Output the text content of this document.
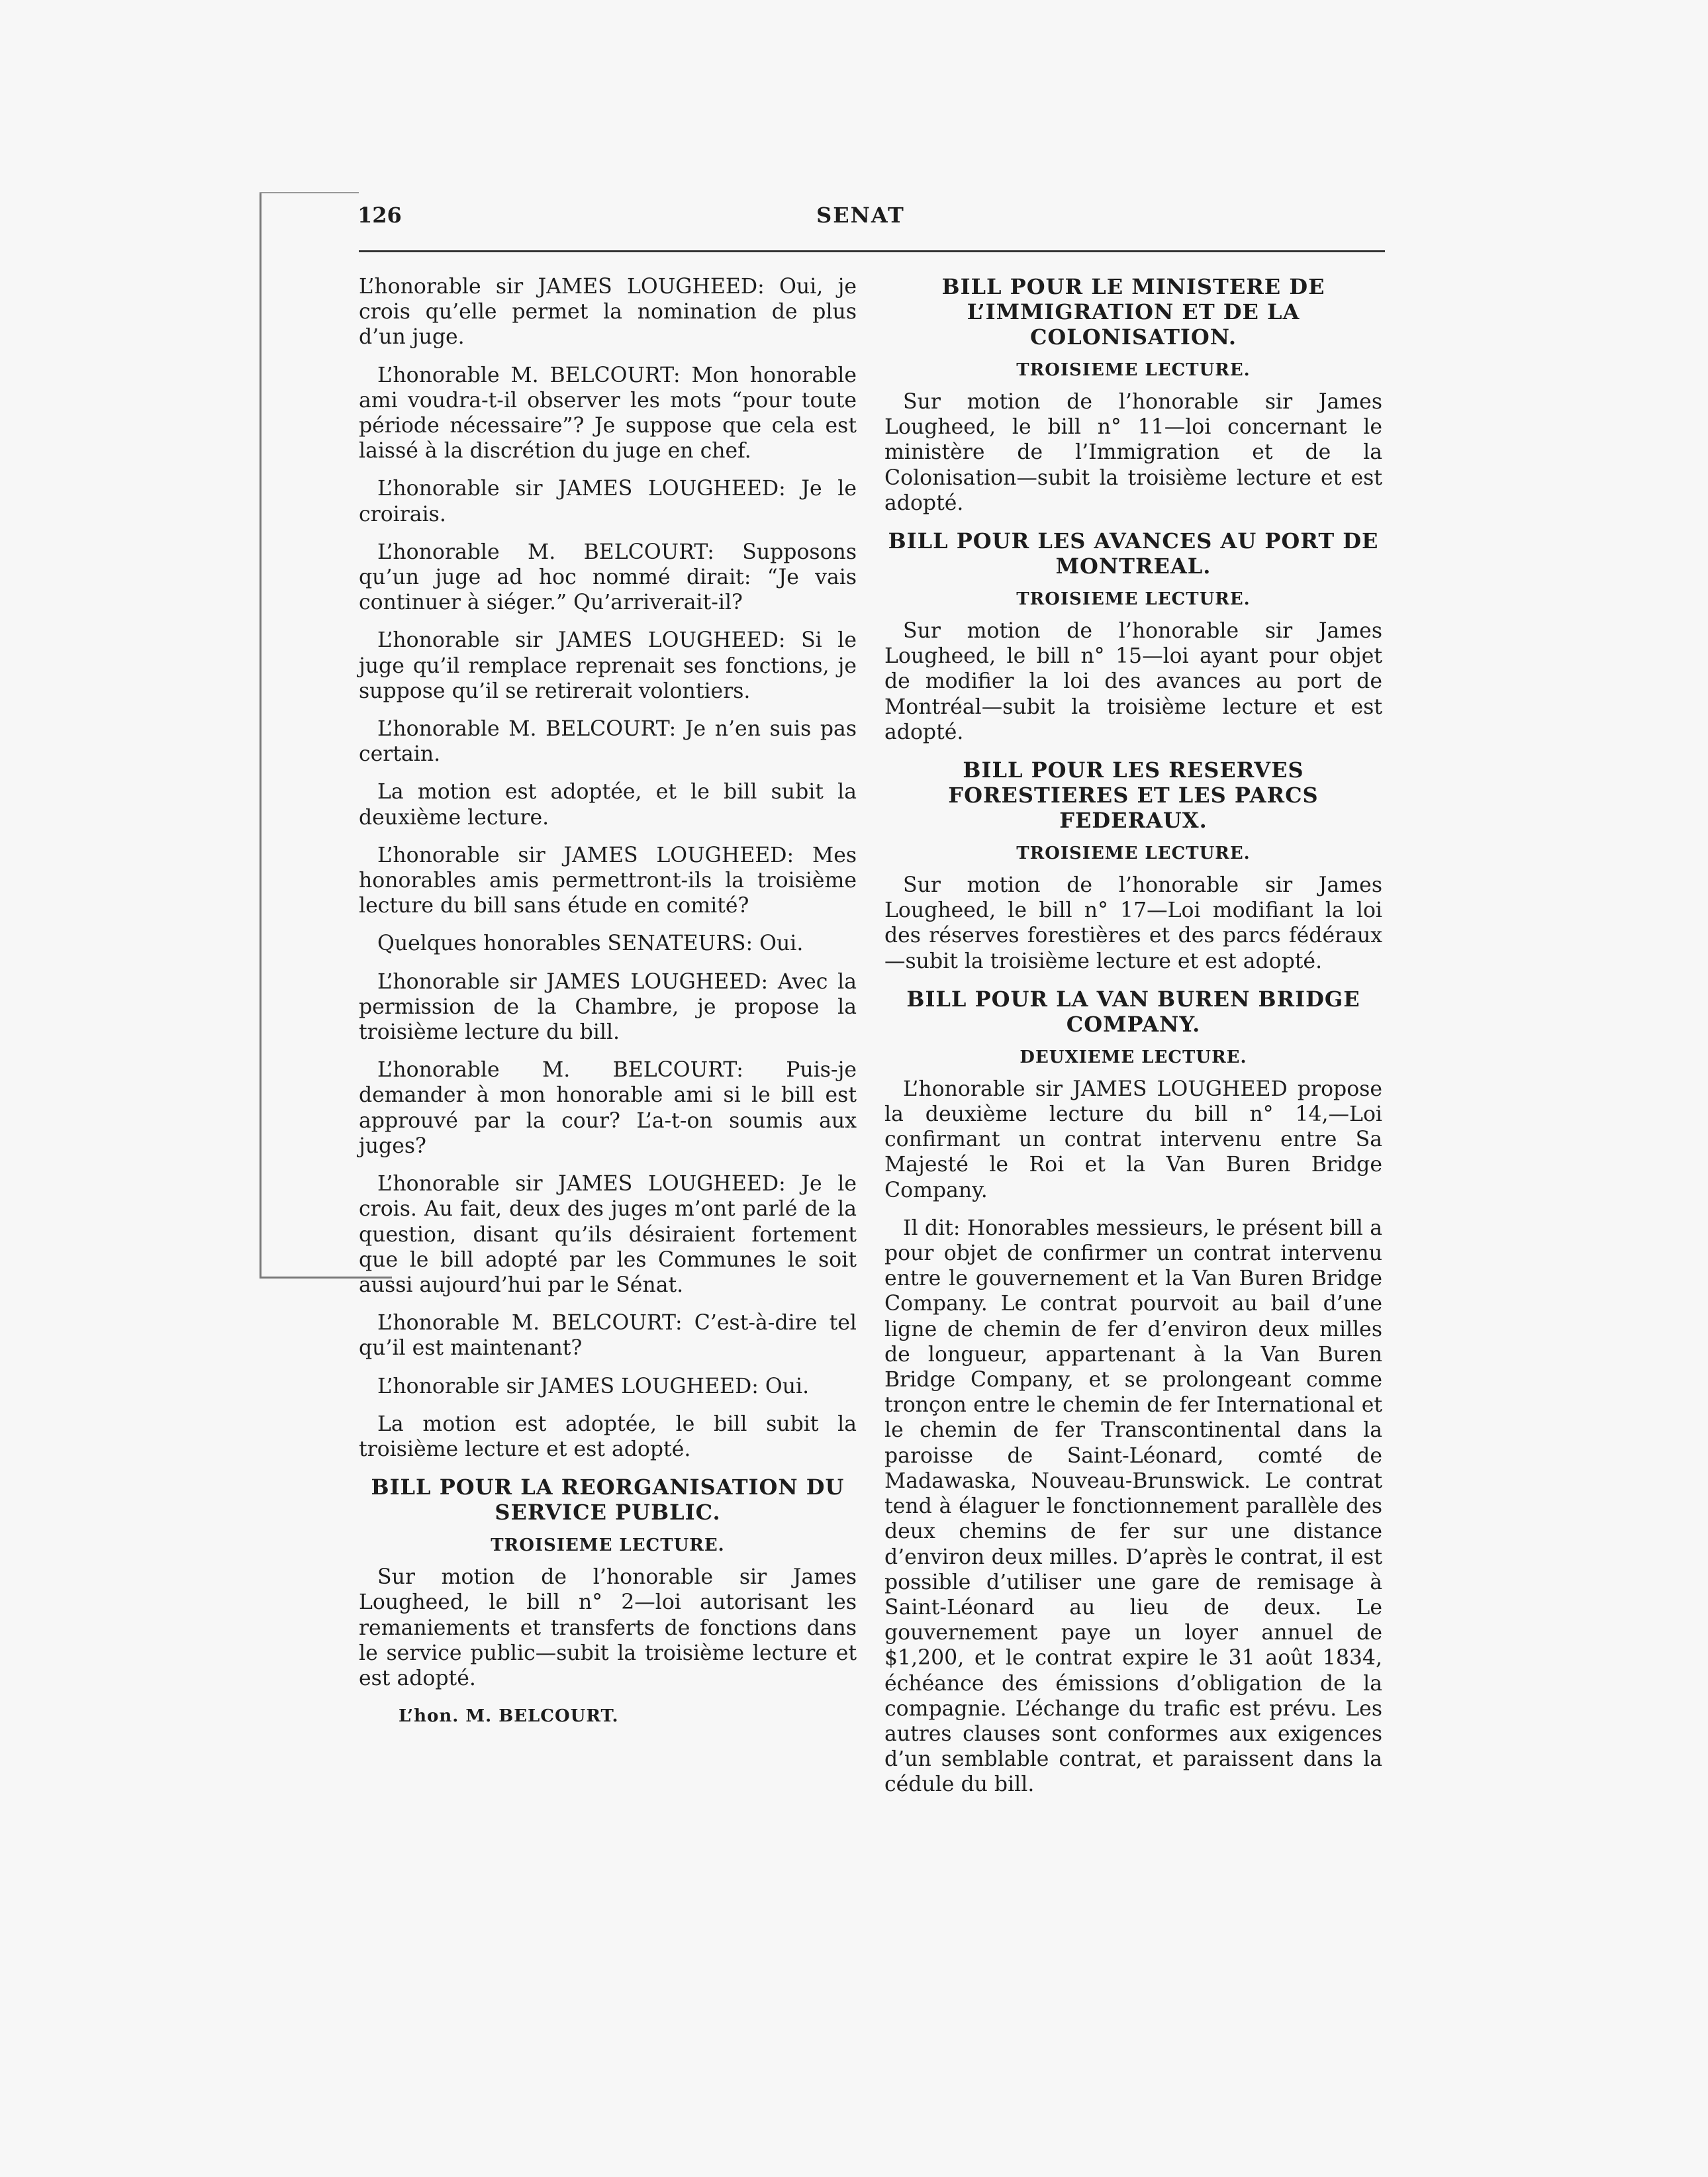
126	SENAT

L’honorable sir JAMES LOUGHEED: Oui, je crois qu’elle permet la nomination de plus d’un juge.

L’honorable M. BELCOURT: Mon honorable ami voudra-t-il observer les mots “pour toute période nécessaire”? Je suppose que cela est laissé à la discrétion du juge en chef.

L’honorable sir JAMES LOUGHEED: Je le croirais.

L’honorable M. BELCOURT: Supposons qu’un juge ad hoc nommé dirait: “Je vais continuer à siéger.” Qu’arriverait-il?

L’honorable sir JAMES LOUGHEED: Si le juge qu’il remplace reprenait ses fonctions, je suppose qu’il se retirerait volontiers.

L’honorable M. BELCOURT: Je n’en suis pas certain.

La motion est adoptée, et le bill subit la deuxième lecture.

L’honorable sir JAMES LOUGHEED: Mes honorables amis permettront-ils la troisième lecture du bill sans étude en comité?

Quelques honorables SENATEURS: Oui.

L’honorable sir JAMES LOUGHEED: Avec la permission de la Chambre, je propose la troisième lecture du bill.

L’honorable M. BELCOURT: Puis-je demander à mon honorable ami si le bill est approuvé par la cour? L’a-t-on soumis aux juges?

L’honorable sir JAMES LOUGHEED: Je le crois. Au fait, deux des juges m’ont parlé de la question, disant qu’ils désiraient fortement que le bill adopté par les Communes le soit aussi aujourd’hui par le Sénat.

L’honorable M. BELCOURT: C’est-à-dire tel qu’il est maintenant?

L’honorable sir JAMES LOUGHEED: Oui.

La motion est adoptée, le bill subit la troisième lecture et est adopté.

BILL POUR LA REORGANISATION DU SERVICE PUBLIC.
TROISIEME LECTURE.

Sur motion de l’honorable sir James Lougheed, le bill n° 2—loi autorisant les remaniements et transferts de fonctions dans le service public—subit la troisième lecture et est adopté.

L’hon. M. BELCOURT.
BILL POUR LE MINISTERE DE L’IMMIGRATION ET DE LA COLONISATION.
TROISIEME LECTURE.

Sur motion de l’honorable sir James Lougheed, le bill n° 11—loi concernant le ministère de l’Immigration et de la Colonisation—subit la troisième lecture et est adopté.

BILL POUR LES AVANCES AU PORT DE MONTREAL.
TROISIEME LECTURE.

Sur motion de l’honorable sir James Lougheed, le bill n° 15—loi ayant pour objet de modifier la loi des avances au port de Montréal—subit la troisième lecture et est adopté.

BILL POUR LES RESERVES FORESTIERES ET LES PARCS FEDERAUX.
TROISIEME LECTURE.

Sur motion de l’honorable sir James Lougheed, le bill n° 17—Loi modifiant la loi des réserves forestières et des parcs fédéraux—subit la troisième lecture et est adopté.

BILL POUR LA VAN BUREN BRIDGE COMPANY.
DEUXIEME LECTURE.

L’honorable sir JAMES LOUGHEED propose la deuxième lecture du bill n° 14,—Loi confirmant un contrat intervenu entre Sa Majesté le Roi et la Van Buren Bridge Company.

Il dit: Honorables messieurs, le présent bill a pour objet de confirmer un contrat intervenu entre le gouvernement et la Van Buren Bridge Company. Le contrat pourvoit au bail d’une ligne de chemin de fer d’environ deux milles de longueur, appartenant à la Van Buren Bridge Company, et se prolongeant comme tronçon entre le chemin de fer International et le chemin de fer Transcontinental dans la paroisse de Saint-Léonard, comté de Madawaska, Nouveau-Brunswick. Le contrat tend à élaguer le fonctionnement parallèle des deux chemins de fer sur une distance d’environ deux milles. D’après le contrat, il est possible d’utiliser une gare de remisage à Saint-Léonard au lieu de deux. Le gouvernement paye un loyer annuel de $1,200, et le contrat expire le 31 août 1834, échéance des émissions d’obligation de la compagnie. L’échange du trafic est prévu. Les autres clauses sont conformes aux exigences d’un semblable contrat, et paraissent dans la cédule du bill.
